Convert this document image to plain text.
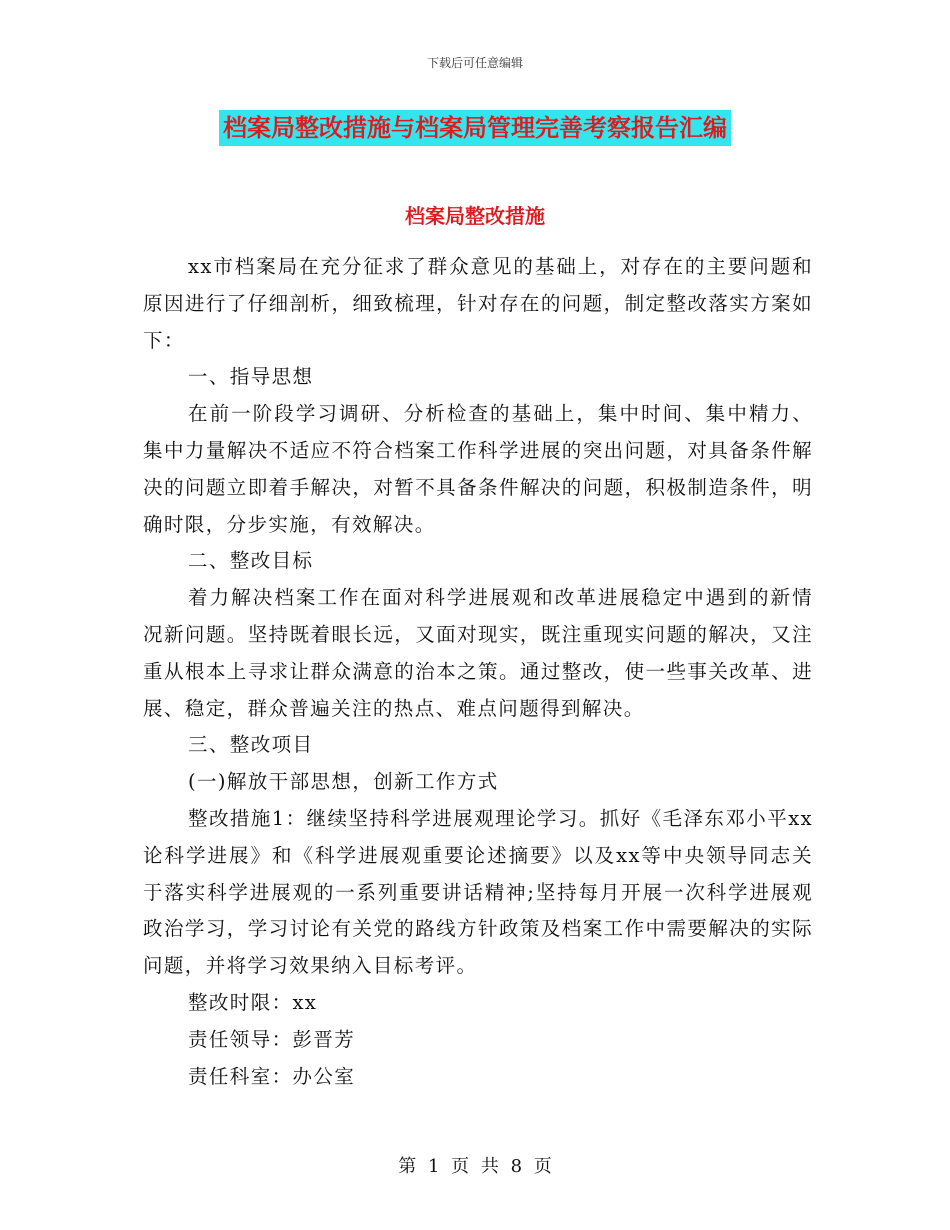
下载后可任意编辑
档案局整改措施与档案局管理完善考察报告汇编
档案局整改措施

xx市档案局在充分征求了群众意见的基础上，对存在的主要问题和原因进行了仔细剖析，细致梳理，针对存在的问题，制定整改落实方案如下：

一、指导思想

在前一阶段学习调研、分析检查的基础上，集中时间、集中精力、集中力量解决不适应不符合档案工作科学进展的突出问题，对具备条件解决的问题立即着手解决，对暂不具备条件解决的问题，积极制造条件，明确时限，分步实施，有效解决。

二、整改目标

着力解决档案工作在面对科学进展观和改革进展稳定中遇到的新情况新问题。坚持既着眼长远，又面对现实，既注重现实问题的解决，又注重从根本上寻求让群众满意的治本之策。通过整改，使一些事关改革、进展、稳定，群众普遍关注的热点、难点问题得到解决。

三、整改项目

(一)解放干部思想，创新工作方式

整改措施1：继续坚持科学进展观理论学习。抓好《毛泽东邓小平xx论科学进展》和《科学进展观重要论述摘要》以及xx等中央领导同志关于落实科学进展观的一系列重要讲话精神;坚持每月开展一次科学进展观政治学习，学习讨论有关党的路线方针政策及档案工作中需要解决的实际问题，并将学习效果纳入目标考评。

整改时限：xx

责任领导：彭晋芳

责任科室：办公室

第 1 页 共 8 页
